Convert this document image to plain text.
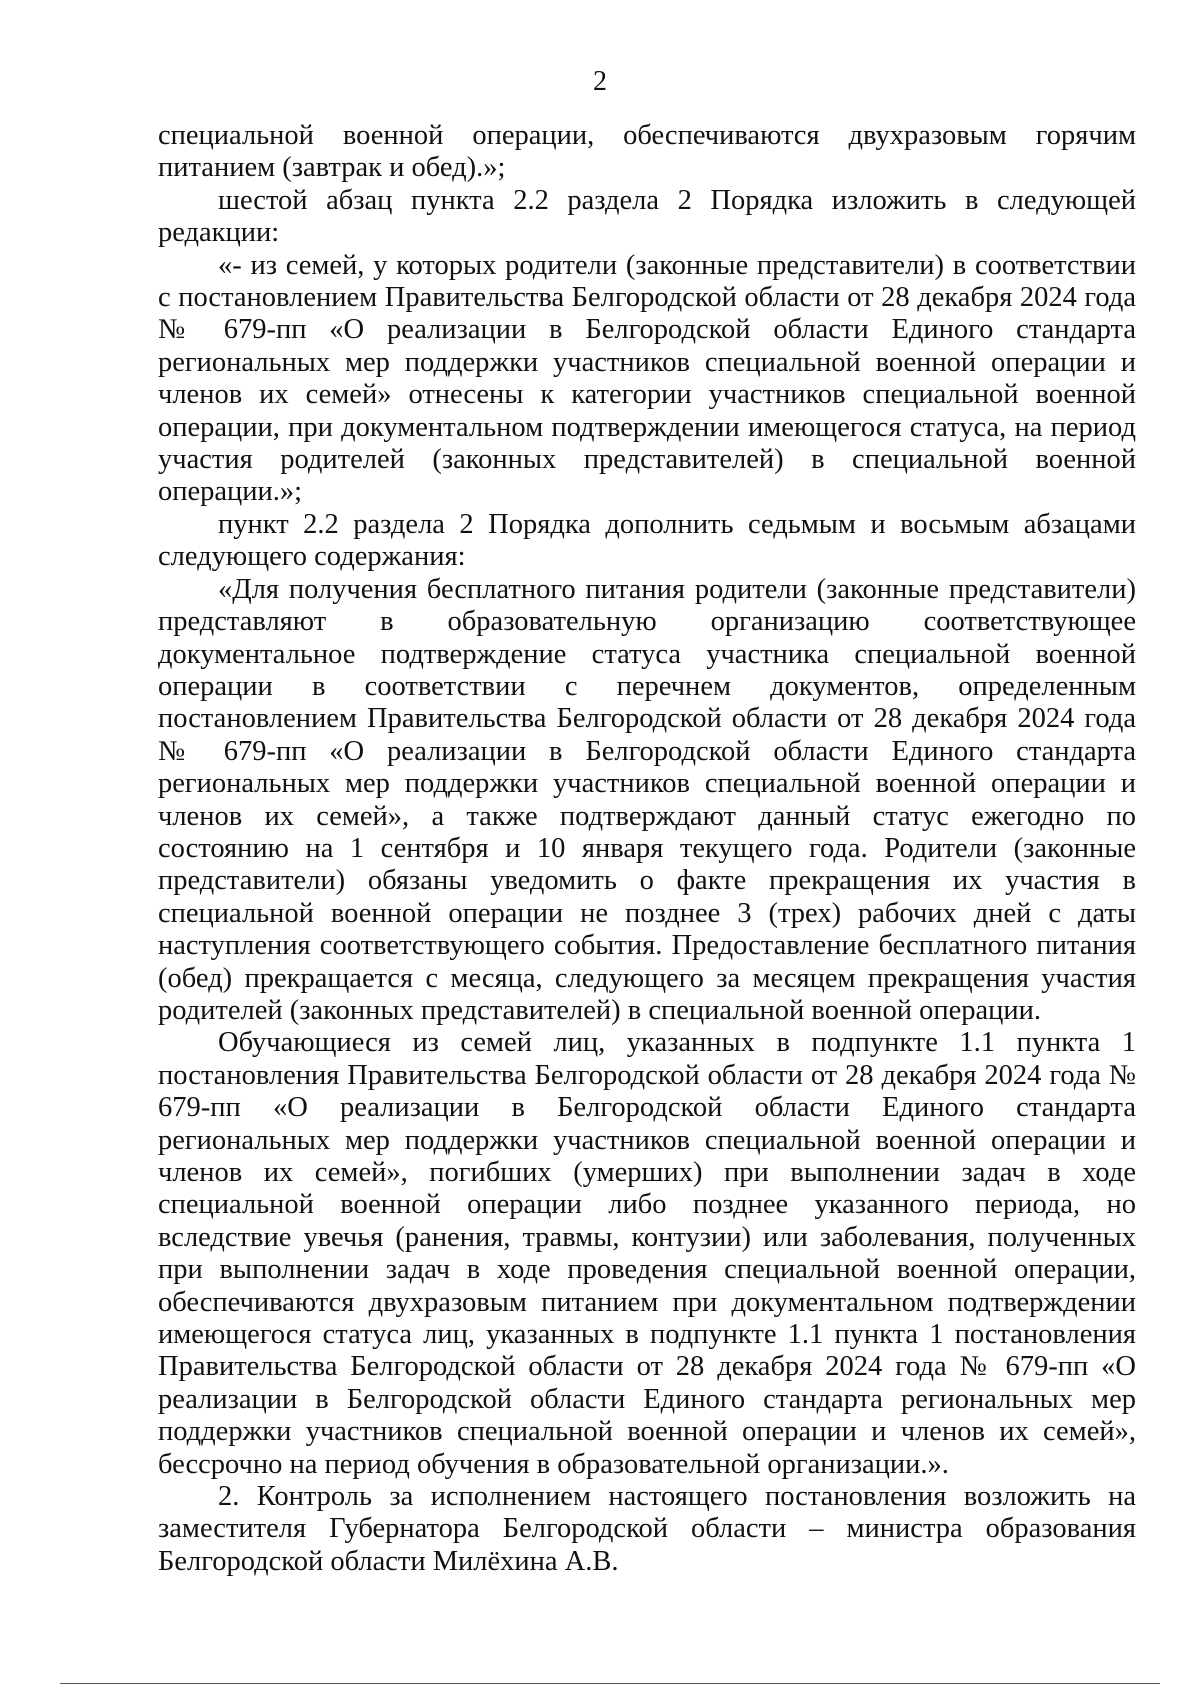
2

специальной военной операции, обеспечиваются двухразовым горячим питанием (завтрак и обед).»;

шестой абзац пункта 2.2 раздела 2 Порядка изложить в следующей редакции:

«- из семей, у которых родители (законные представители) в соответствии с постановлением Правительства Белгородской области от 28 декабря 2024 года № 679-пп «О реализации в Белгородской области Единого стандарта региональных мер поддержки участников специальной военной операции и членов их семей» отнесены к категории участников специальной военной операции, при документальном подтверждении имеющегося статуса, на период участия родителей (законных представителей) в специальной военной операции.»;

пункт 2.2 раздела 2 Порядка дополнить седьмым и восьмым абзацами следующего содержания:

«Для получения бесплатного питания родители (законные представители) представляют в образовательную организацию соответствующее документальное подтверждение статуса участника специальной военной операции в соответствии с перечнем документов, определенным постановлением Правительства Белгородской области от 28 декабря 2024 года № 679-пп «О реализации в Белгородской области Единого стандарта региональных мер поддержки участников специальной военной операции и членов их семей», а также подтверждают данный статус ежегодно по состоянию на 1 сентября и 10 января текущего года. Родители (законные представители) обязаны уведомить о факте прекращения их участия в специальной военной операции не позднее 3 (трех) рабочих дней с даты наступления соответствующего события. Предоставление бесплатного питания (обед) прекращается с месяца, следующего за месяцем прекращения участия родителей (законных представителей) в специальной военной операции.

Обучающиеся из семей лиц, указанных в подпункте 1.1 пункта 1 постановления Правительства Белгородской области от 28 декабря 2024 года № 679-пп «О реализации в Белгородской области Единого стандарта региональных мер поддержки участников специальной военной операции и членов их семей», погибших (умерших) при выполнении задач в ходе специальной военной операции либо позднее указанного периода, но вследствие увечья (ранения, травмы, контузии) или заболевания, полученных при выполнении задач в ходе проведения специальной военной операции, обеспечиваются двухразовым питанием при документальном подтверждении имеющегося статуса лиц, указанных в подпункте 1.1 пункта 1 постановления Правительства Белгородской области от 28 декабря 2024 года № 679-пп «О реализации в Белгородской области Единого стандарта региональных мер поддержки участников специальной военной операции и членов их семей», бессрочно на период обучения в образовательной организации.».

2. Контроль за исполнением настоящего постановления возложить на заместителя Губернатора Белгородской области – министра образования Белгородской области Милёхина А.В.
